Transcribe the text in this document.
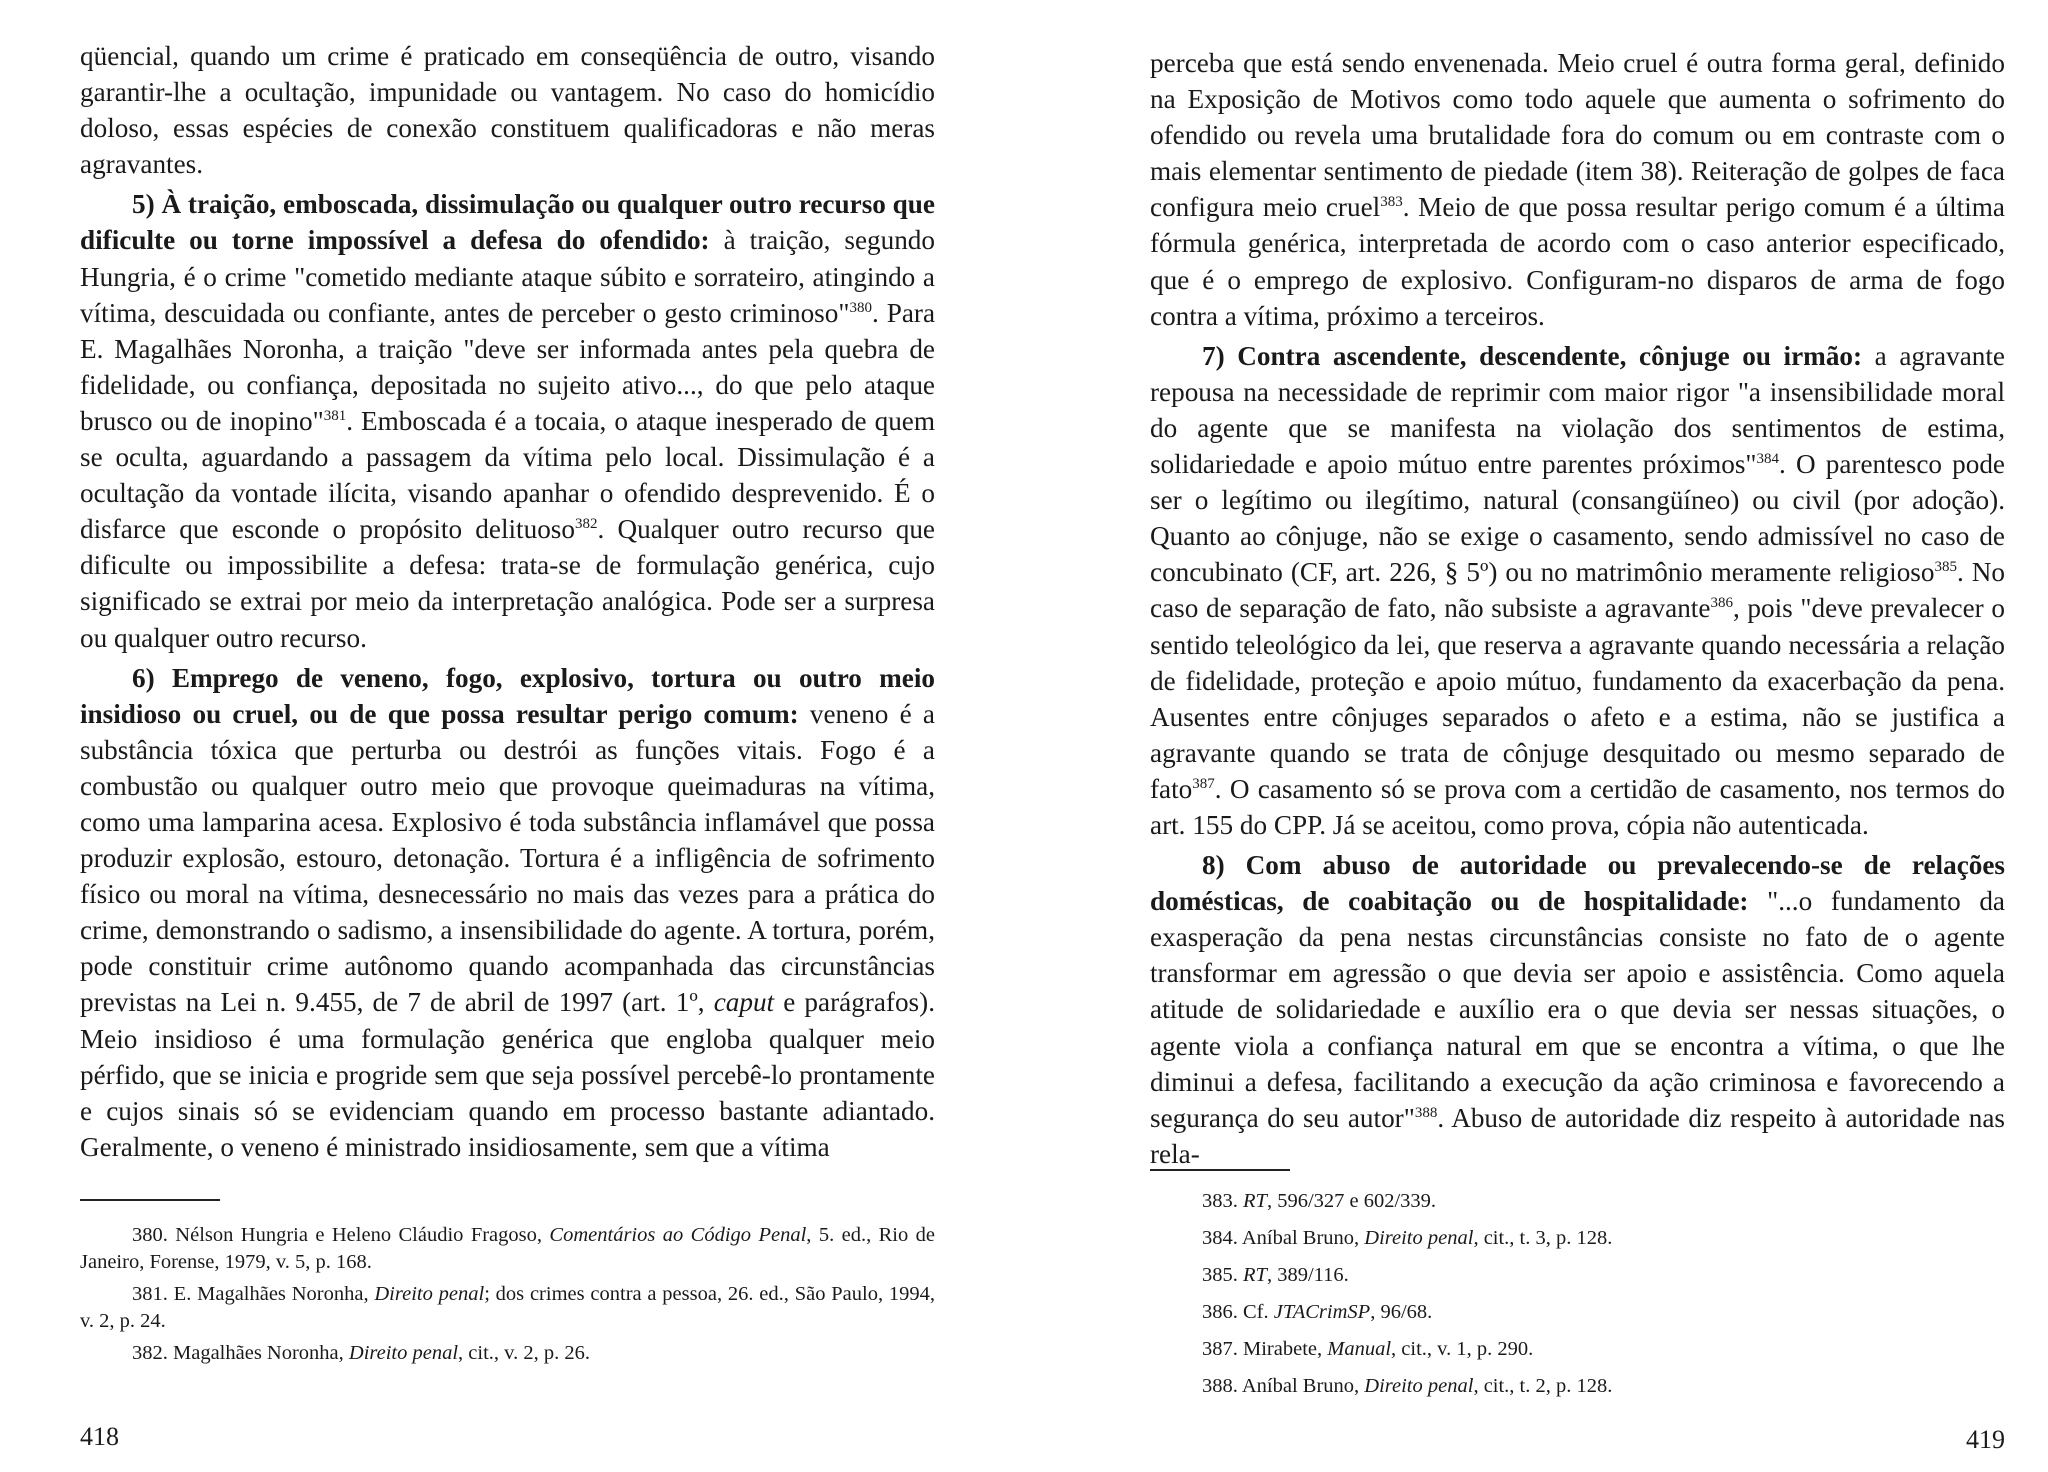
qüencial, quando um crime é praticado em conseqüência de outro, visando garantir-lhe a ocultação, impunidade ou vantagem. No caso do homicídio doloso, essas espécies de conexão constituem qualificadoras e não meras agravantes.

5) À traição, emboscada, dissimulação ou qualquer outro recurso que dificulte ou torne impossível a defesa do ofendido: à traição, segundo Hungria, é o crime "cometido mediante ataque súbito e sorrateiro, atingindo a vítima, descuidada ou confiante, antes de perceber o gesto criminoso"$^{380}$. Para E. Magalhães Noronha, a traição "deve ser informada antes pela quebra de fidelidade, ou confiança, depositada no sujeito ativo..., do que pelo ataque brusco ou de inopino"$^{381}$. Emboscada é a tocaia, o ataque inesperado de quem se oculta, aguardando a passagem da vítima pelo local. Dissimulação é a ocultação da vontade ilícita, visando apanhar o ofendido desprevenido. É o disfarce que esconde o propósito delituoso$^{382}$. Qualquer outro recurso que dificulte ou impossibilite a defesa: trata-se de formulação genérica, cujo significado se extrai por meio da interpretação analógica. Pode ser a surpresa ou qualquer outro recurso.

6) Emprego de veneno, fogo, explosivo, tortura ou outro meio insidioso ou cruel, ou de que possa resultar perigo comum: veneno é a substância tóxica que perturba ou destrói as funções vitais. Fogo é a combustão ou qualquer outro meio que provoque queimaduras na vítima, como uma lamparina acesa. Explosivo é toda substância inflamável que possa produzir explosão, estouro, detonação. Tortura é a infligência de sofrimento físico ou moral na vítima, desnecessário no mais das vezes para a prática do crime, demonstrando o sadismo, a insensibilidade do agente. A tortura, porém, pode constituir crime autônomo quando acompanhada das circunstâncias previstas na Lei n. 9.455, de 7 de abril de 1997 (art. 1º, caput e parágrafos). Meio insidioso é uma formulação genérica que engloba qualquer meio pérfido, que se inicia e progride sem que seja possível percebê-lo prontamente e cujos sinais só se evidenciam quando em processo bastante adiantado. Geralmente, o veneno é ministrado insidiosamente, sem que a vítima

380. Nélson Hungria e Heleno Cláudio Fragoso, Comentários ao Código Penal, 5. ed., Rio de Janeiro, Forense, 1979, v. 5, p. 168.
381. E. Magalhães Noronha, Direito penal; dos crimes contra a pessoa, 26. ed., São Paulo, 1994, v. 2, p. 24.
382. Magalhães Noronha, Direito penal, cit., v. 2, p. 26.
418

perceba que está sendo envenenada. Meio cruel é outra forma geral, definido na Exposição de Motivos como todo aquele que aumenta o sofrimento do ofendido ou revela uma brutalidade fora do comum ou em contraste com o mais elementar sentimento de piedade (item 38). Reiteração de golpes de faca configura meio cruel$^{383}$. Meio de que possa resultar perigo comum é a última fórmula genérica, interpretada de acordo com o caso anterior especificado, que é o emprego de explosivo. Configuram-no disparos de arma de fogo contra a vítima, próximo a terceiros.

7) Contra ascendente, descendente, cônjuge ou irmão: a agravante repousa na necessidade de reprimir com maior rigor "a insensibilidade moral do agente que se manifesta na violação dos sentimentos de estima, solidariedade e apoio mútuo entre parentes próximos"$^{384}$. O parentesco pode ser o legítimo ou ilegítimo, natural (consangüíneo) ou civil (por adoção). Quanto ao cônjuge, não se exige o casamento, sendo admissível no caso de concubinato (CF, art. 226, § 5º) ou no matrimônio meramente religioso$^{385}$. No caso de separação de fato, não subsiste a agravante$^{386}$, pois "deve prevalecer o sentido teleológico da lei, que reserva a agravante quando necessária a relação de fidelidade, proteção e apoio mútuo, fundamento da exacerbação da pena. Ausentes entre cônjuges separados o afeto e a estima, não se justifica a agravante quando se trata de cônjuge desquitado ou mesmo separado de fato$^{387}$. O casamento só se prova com a certidão de casamento, nos termos do art. 155 do CPP. Já se aceitou, como prova, cópia não autenticada.

8) Com abuso de autoridade ou prevalecendo-se de relações domésticas, de coabitação ou de hospitalidade: "...o fundamento da exasperação da pena nestas circunstâncias consiste no fato de o agente transformar em agressão o que devia ser apoio e assistência. Como aquela atitude de solidariedade e auxílio era o que devia ser nessas situações, o agente viola a confiança natural em que se encontra a vítima, o que lhe diminui a defesa, facilitando a execução da ação criminosa e favorecendo a segurança do seu autor"$^{388}$. Abuso de autoridade diz respeito à autoridade nas rela-

383. RT, 596/327 e 602/339.
384. Aníbal Bruno, Direito penal, cit., t. 3, p. 128.
385. RT, 389/116.
386. Cf. JTACrimSP, 96/68.
387. Mirabete, Manual, cit., v. 1, p. 290.
388. Aníbal Bruno, Direito penal, cit., t. 2, p. 128.
419
